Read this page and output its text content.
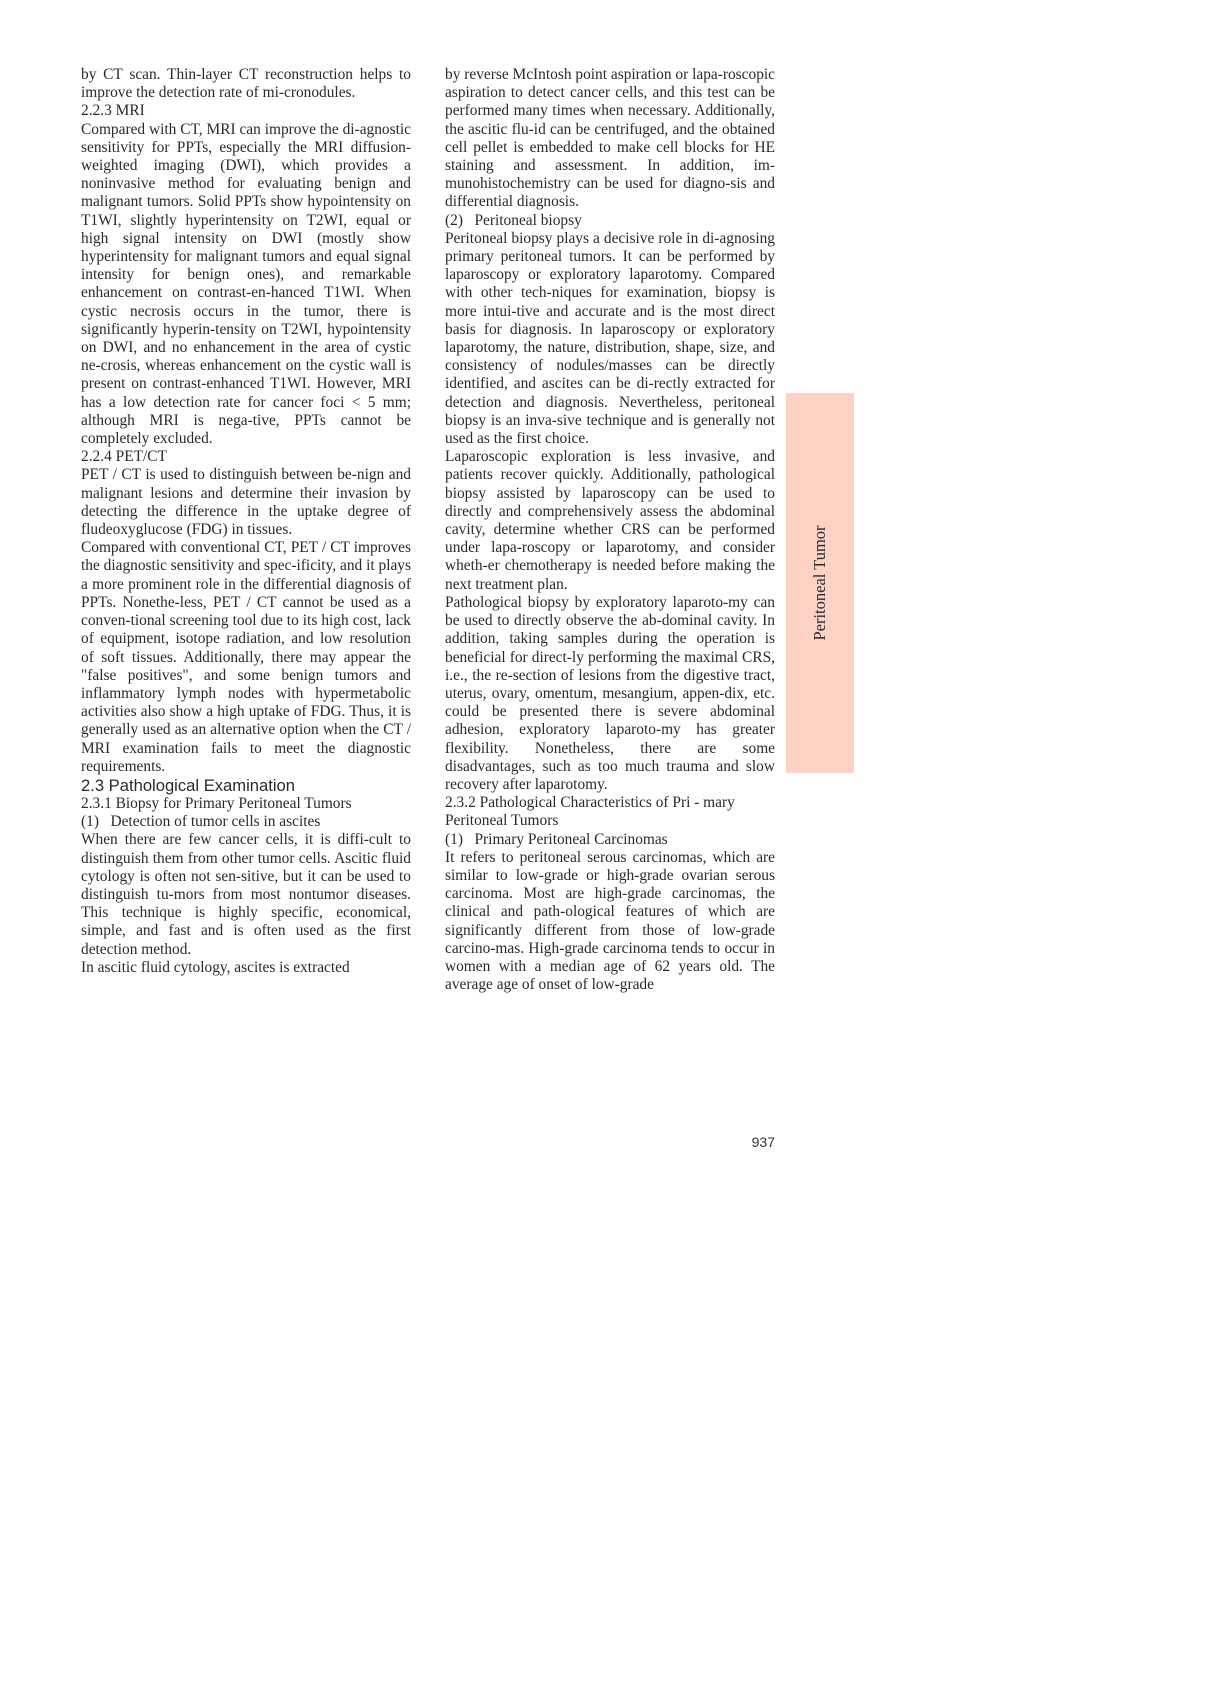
by CT scan. Thin-layer CT reconstruction helps to improve the detection rate of mi-cronodules.

2.2.3 MRI

Compared with CT, MRI can improve the di-agnostic sensitivity for PPTs, especially the MRI diffusion-weighted imaging (DWI), which provides a noninvasive method for evaluating benign and malignant tumors. Solid PPTs show hypointensity on T1WI, slightly hyperintensity on T2WI, equal or high signal intensity on DWI (mostly show hyperintensity for malignant tumors and equal signal intensity for benign ones), and remarkable enhancement on contrast-en-hanced T1WI. When cystic necrosis occurs in the tumor, there is significantly hyperin-tensity on T2WI, hypointensity on DWI, and no enhancement in the area of cystic ne-crosis, whereas enhancement on the cystic wall is present on contrast-enhanced T1WI. However, MRI has a low detection rate for cancer foci < 5 mm; although MRI is nega-tive, PPTs cannot be completely excluded.

2.2.4 PET/CT

PET / CT is used to distinguish between be-nign and malignant lesions and determine their invasion by detecting the difference in the uptake degree of fludeoxyglucose (FDG) in tissues.

Compared with conventional CT, PET / CT improves the diagnostic sensitivity and spec-ificity, and it plays a more prominent role in the differential diagnosis of PPTs. Nonethe-less, PET / CT cannot be used as a conven-tional screening tool due to its high cost, lack of equipment, isotope radiation, and low resolution of soft tissues. Additionally, there may appear the "false positives", and some benign tumors and inflammatory lymph nodes with hypermetabolic activities also show a high uptake of FDG. Thus, it is generally used as an alternative option when the CT / MRI examination fails to meet the diagnostic requirements.

2.3 Pathological Examination
2.3.1 Biopsy for Primary Peritoneal Tumors
(1)   Detection of tumor cells in ascites

When there are few cancer cells, it is diffi-cult to distinguish them from other tumor cells. Ascitic fluid cytology is often not sen-sitive, but it can be used to distinguish tu-mors from most nontumor diseases. This technique is highly specific, economical, simple, and fast and is often used as the first detection method.

In ascitic fluid cytology, ascites is extracted

by reverse McIntosh point aspiration or lapa-roscopic aspiration to detect cancer cells, and this test can be performed many times when necessary. Additionally, the ascitic flu-id can be centrifuged, and the obtained cell pellet is embedded to make cell blocks for HE staining and assessment. In addition, im-munohistochemistry can be used for diagno-sis and differential diagnosis.

(2)   Peritoneal biopsy

Peritoneal biopsy plays a decisive role in di-agnosing primary peritoneal tumors. It can be performed by laparoscopy or exploratory laparotomy. Compared with other tech-niques for examination, biopsy is more intui-tive and accurate and is the most direct basis for diagnosis. In laparoscopy or exploratory laparotomy, the nature, distribution, shape, size, and consistency of nodules/masses can be directly identified, and ascites can be di-rectly extracted for detection and diagnosis. Nevertheless, peritoneal biopsy is an inva-sive technique and is generally not used as the first choice.

Laparoscopic exploration is less invasive, and patients recover quickly. Additionally, pathological biopsy assisted by laparoscopy can be used to directly and comprehensively assess the abdominal cavity, determine whether CRS can be performed under lapa-roscopy or laparotomy, and consider wheth-er chemotherapy is needed before making the next treatment plan.

Pathological biopsy by exploratory laparoto-my can be used to directly observe the ab-dominal cavity. In addition, taking samples during the operation is beneficial for direct-ly performing the maximal CRS, i.e., the re-section of lesions from the digestive tract, uterus, ovary, omentum, mesangium, appen-dix, etc. could be presented there is severe abdominal adhesion, exploratory laparoto-my has greater flexibility. Nonetheless, there are some disadvantages, such as too much trauma and slow recovery after laparotomy.

2.3.2 Pathological Characteristics of Pri - mary Peritoneal Tumors
(1)   Primary Peritoneal Carcinomas

It refers to peritoneal serous carcinomas, which are similar to low-grade or high-grade ovarian serous carcinoma. Most are high-grade carcinomas, the clinical and path-ological features of which are significantly different from those of low-grade carcino-mas. High-grade carcinoma tends to occur in women with a median age of 62 years old. The average age of onset of low-grade

Peritoneal Tumor
937
